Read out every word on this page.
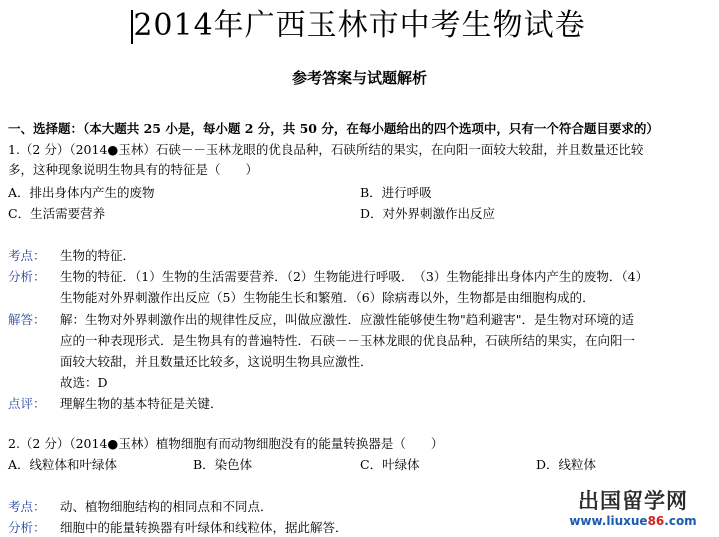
2014年广西玉林市中考生物试卷
参考答案与试题解析
一、选择题：（本大题共 25 小是，每小题 2 分，共 50 分，在每小题给出的四个选项中，只有一个符合题目要求的）
1.（2 分）（2014●玉林）石硖－－玉林龙眼的优良品种，石硖所结的果实，在向阳一面较大较甜，并且数量还比较
多，这种现象说明生物具有的特征是（　　）
A．排出身体内产生的废物	B．进行呼吸
C．生活需要营养	D．对外界刺激作出反应
考点： 生物的特征．
分析： 生物的特征．（1）生物的生活需要营养．（2）生物能进行呼吸．　（3）生物能排出身体内产生的废物．（4）
生物能对外界刺激作出反应（5）生物能生长和繁殖．（6）除病毒以外，生物都是由细胞构成的．
解答： 解：生物对外界刺激作出的规律性反应，叫做应激性．应激性能够使生物"趋利避害"．是生物对环境的适
应的一种表现形式．是生物具有的普遍特性．石硖－－玉林龙眼的优良品种，石硖所结的果实，在向阳一
面较大较甜，并且数量还比较多，这说明生物具应激性．
故选：D
点评： 理解生物的基本特征是关键．
2.（2 分）（2014●玉林）植物细胞有而动物细胞没有的能量转换器是（　　）
A．线粒体和叶绿体	B．染色体	C．叶绿体	D．线粒体
考点： 动、植物细胞结构的相同点和不同点．
分析： 细胞中的能量转换器有叶绿体和线粒体，据此解答．
出国留学网
www.liuxue86.com
